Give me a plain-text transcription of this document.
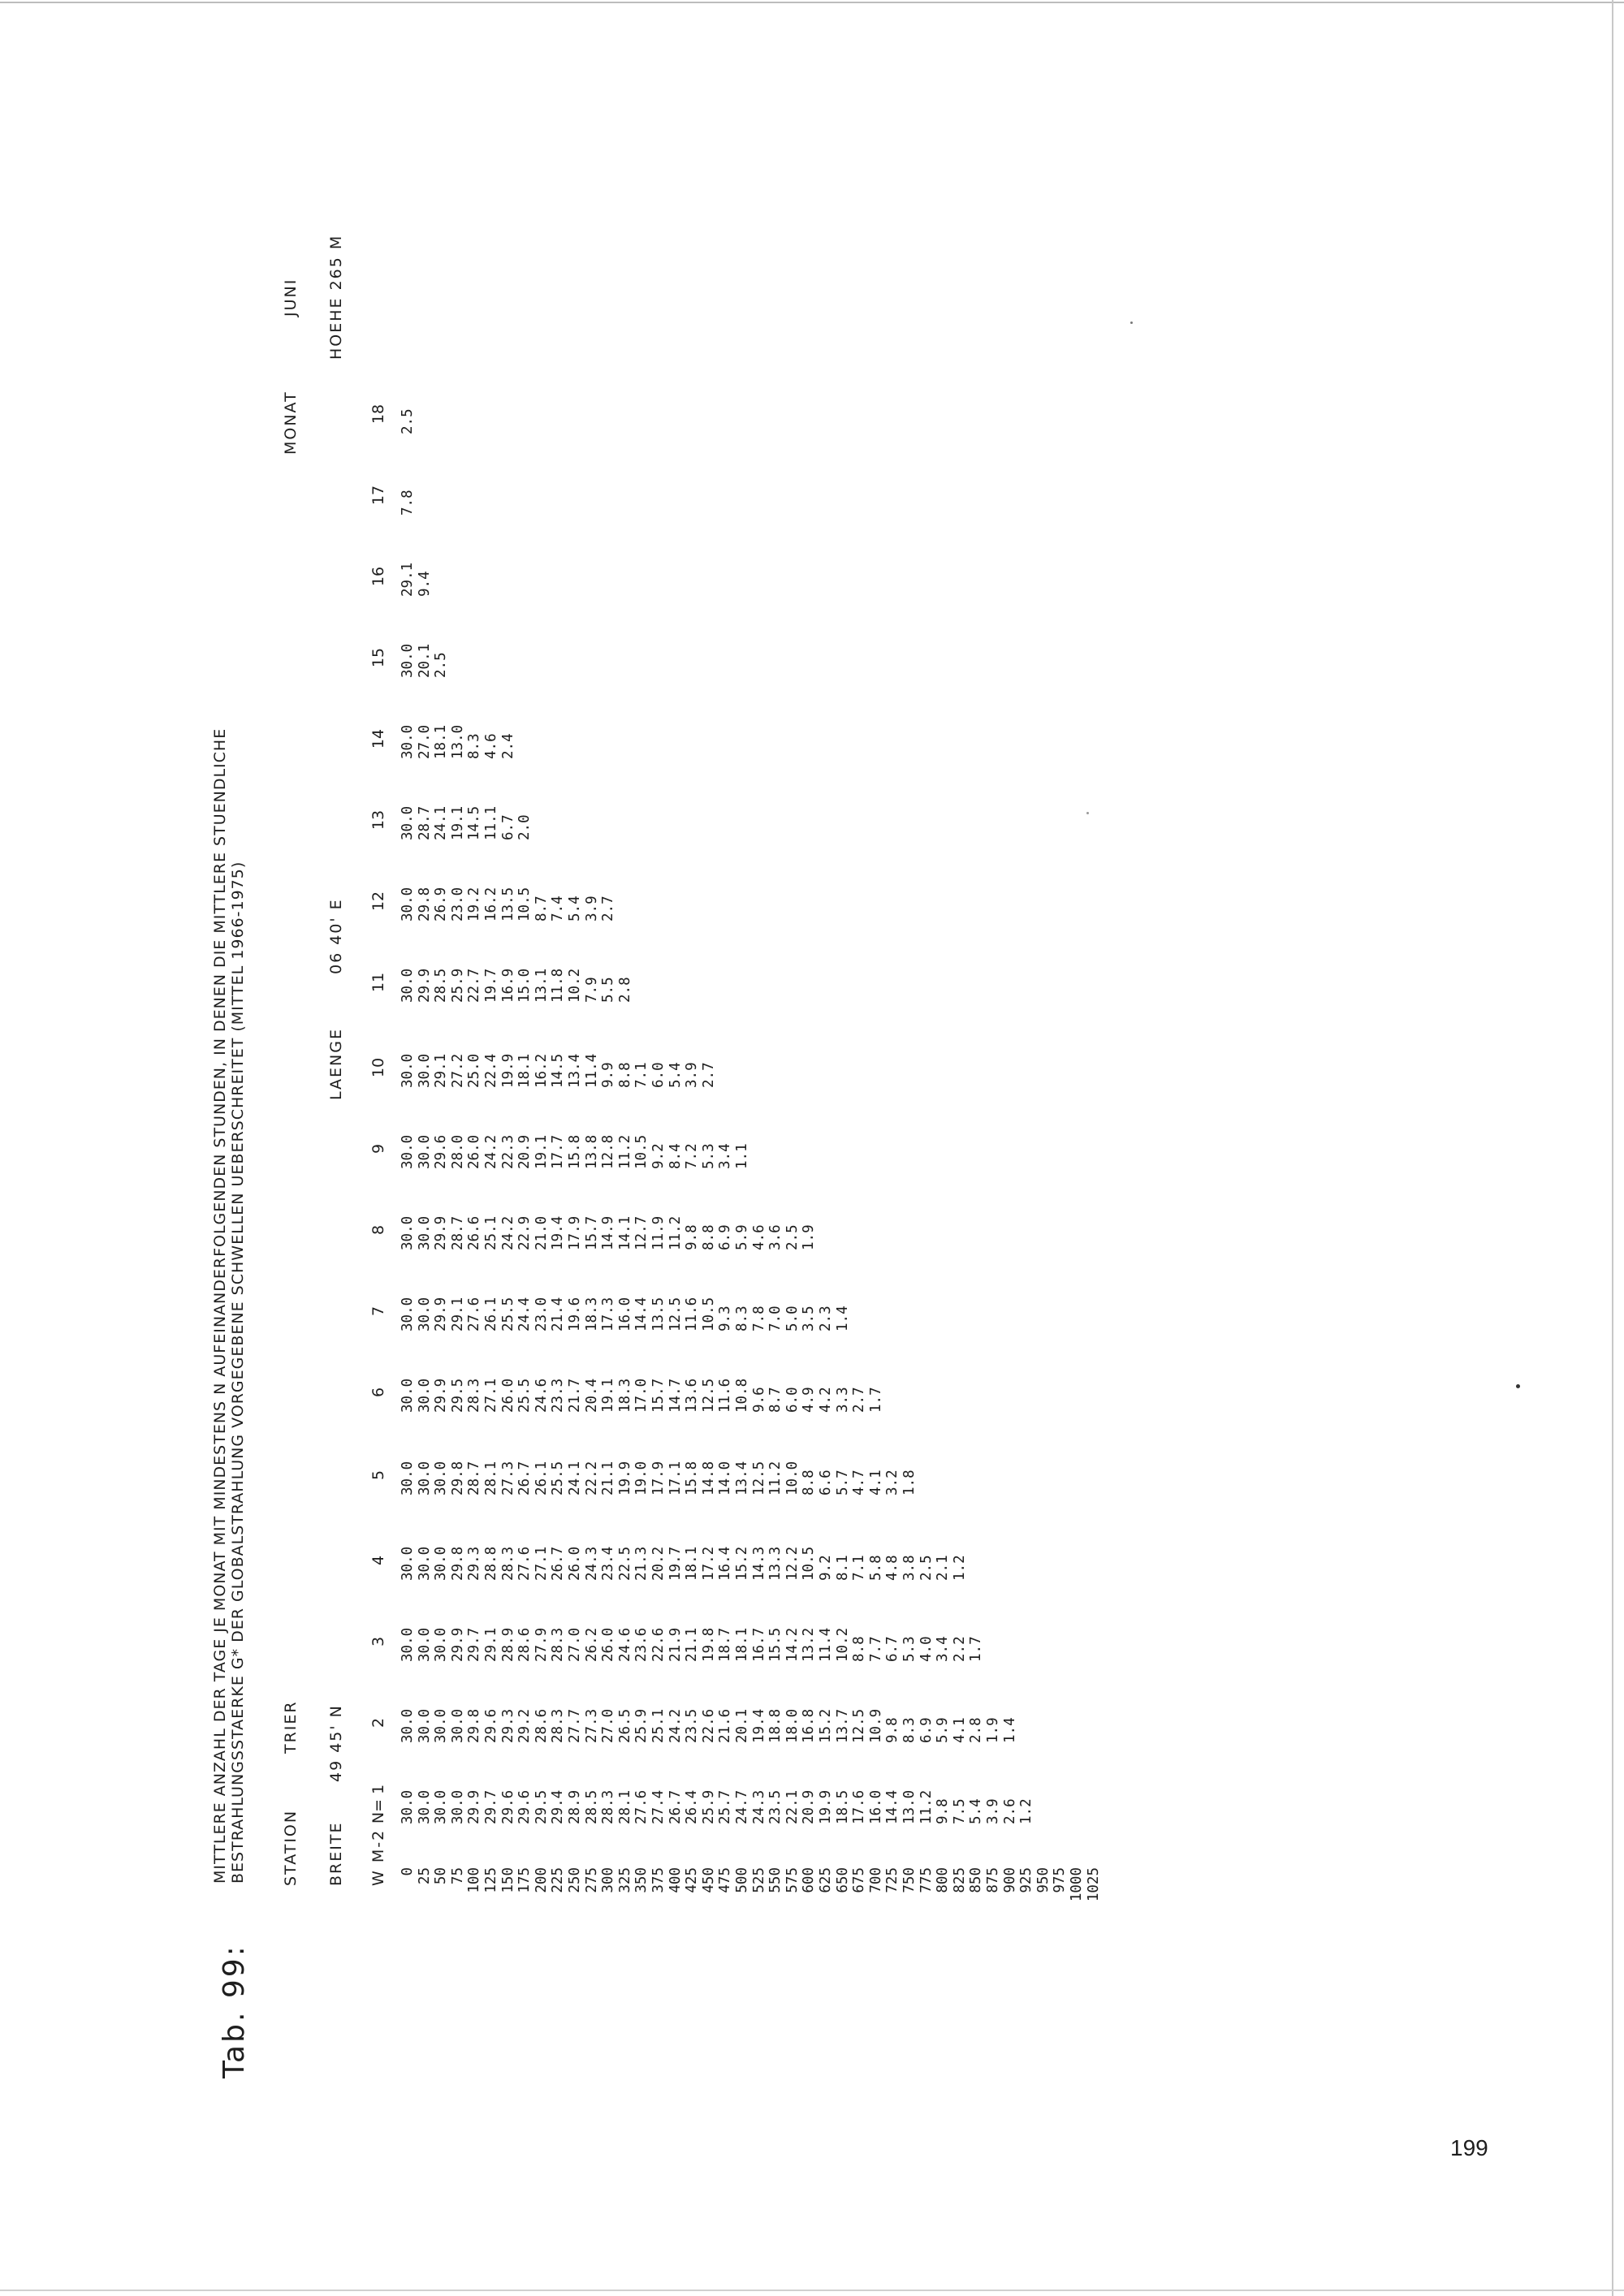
Tab. 99:
MITTLERE ANZAHL DER TAGE JE MONAT MIT MINDESTENS N AUFEINANDERFOLGENDEN STUNDEN, IN DENEN DIE MITTLERE STUENDLICHE BESTRAHLUNGSSTAERKE G* DER GLOBALSTRAHLUNG VORGEGEBENE SCHWELLEN UEBERSCHREITET (MITTEL 1966-1975) STATION
TRIER
MONAT
JUNI
BREITE
49 45' N
LAENGE
06 40' E
HOEHE 265 M
W M-2
N= 1
2
3
4
5
6
7
8
9
10
11
12
13
14
15
16
17
18
0 25 50 75 100 125 150 175 200 225 250 275 300 325 350 375 400 425 450 475 500 525 550 575 600 625 650 675 700 725 750 775 800 825 850 875 900 925 950 975 1000 1025
30.0 30.0 30.0 30.0 29.9 29.7 29.6 29.6 29.5 29.4 28.9 28.5 28.3 28.1 27.6 27.4 26.7 26.4 25.9 25.7 24.7 24.3 23.5 22.1 20.9 19.9 18.5 17.6 16.0 14.4 13.0 11.2 9.8 7.5 5.4 3.9 2.6 1.2
30.0 30.0 30.0 30.0 29.8 29.6 29.3 29.2 28.6 28.3 27.7 27.3 27.0 26.5 25.9 25.1 24.2 23.5 22.6 21.6 20.1 19.4 18.8 18.0 16.8 15.2 13.7 12.5 10.9 9.8 8.3 6.9 5.9 4.1 2.8 1.9 1.4
30.0 30.0 30.0 29.9 29.7 29.1 28.9 28.6 27.9 28.3 27.0 26.2 26.0 24.6 23.6 22.6 21.9 21.1 19.8 18.7 18.1 16.7 15.5 14.2 13.2 11.4 10.2 8.8 7.7 6.7 5.3 4.0 3.4 2.2 1.7
30.0 30.0 30.0 29.8 29.3 28.8 28.3 27.6 27.1 26.7 26.0 24.3 23.4 22.5 21.3 20.2 19.7 18.1 17.2 16.4 15.2 14.3 13.3 12.2 10.5 9.2 8.1 7.1 5.8 4.8 3.8 2.5 2.1 1.2
30.0 30.0 30.0 29.8 28.7 28.1 27.3 26.7 26.1 25.5 24.1 22.2 21.1 19.9 19.0 17.9 17.1 15.8 14.8 14.0 13.4 12.5 11.2 10.0 8.8 6.6 5.7 4.7 4.1 3.2 1.8
30.0 30.0 29.9 29.5 28.3 27.1 26.0 25.5 24.6 23.3 21.7 20.4 19.1 18.3 17.0 15.7 14.7 13.6 12.5 11.6 10.8 9.6 8.7 6.0 4.9 4.2 3.3 2.7 1.7
30.0 30.0 29.9 29.1 27.6 26.1 25.5 24.4 23.0 21.4 19.6 18.3 17.3 16.0 14.4 13.5 12.5 11.6 10.5 9.3 8.3 7.8 7.0 5.0 3.5 2.3 1.4
30.0 30.0 29.9 28.7 26.6 25.1 24.2 22.9 21.0 19.4 17.9 15.7 14.9 14.1 12.7 11.9 11.2 9.8 8.8 6.9 5.9 4.6 3.6 2.5 1.9
30.0 30.0 29.6 28.0 26.0 24.2 22.3 20.9 19.1 17.7 15.8 13.8 12.8 11.2 10.5 9.2 8.4 7.2 5.3 3.4 1.1
30.0 30.0 29.1 27.2 25.0 22.4 19.9 18.1 16.2 14.5 13.4 11.4 9.9 8.8 7.1 6.0 5.4 3.9 2.7
30.0 29.9 28.5 25.9 22.7 19.7 16.9 15.0 13.1 11.8 10.2 7.9 5.5 2.8
30.0 29.8 26.9 23.0 19.2 16.2 13.5 10.5 8.7 7.4 5.4 3.9 2.7
30.0 28.7 24.1 19.1 14.5 11.1 6.7 2.0
30.0 27.0 18.1 13.0 8.3 4.6 2.4
30.0 20.1 2.5
29.1 9.4
7.8
2.5
199
